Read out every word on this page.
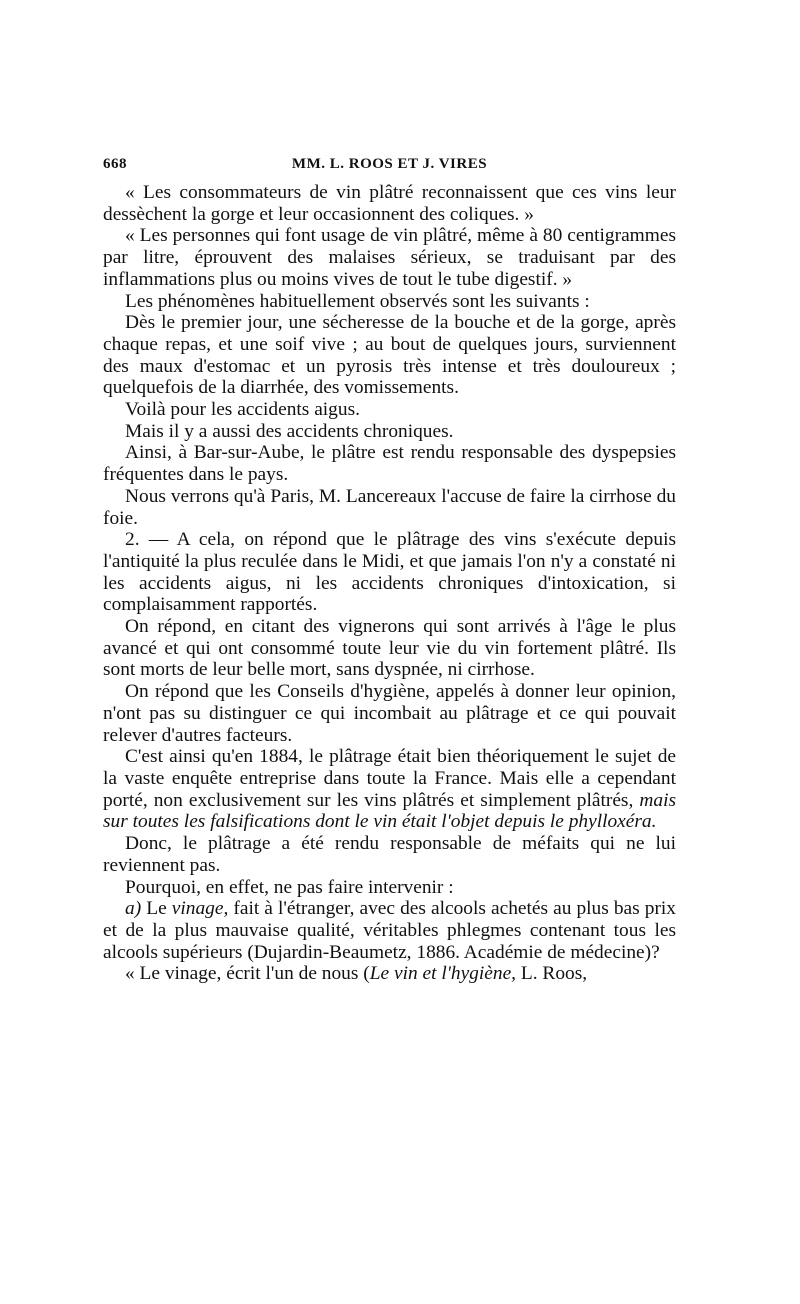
668	MM. L. ROOS ET J. VIRES

« Les consommateurs de vin plâtré reconnaissent que ces vins leur dessèchent la gorge et leur occasionnent des coliques. »

« Les personnes qui font usage de vin plâtré, même à 80 centigrammes par litre, éprouvent des malaises sérieux, se traduisant par des inflammations plus ou moins vives de tout le tube digestif. »

Les phénomènes habituellement observés sont les suivants :

Dès le premier jour, une sécheresse de la bouche et de la gorge, après chaque repas, et une soif vive ; au bout de quelques jours, surviennent des maux d'estomac et un pyrosis très intense et très douloureux ; quelquefois de la diarrhée, des vomissements.

Voilà pour les accidents aigus.

Mais il y a aussi des accidents chroniques.

Ainsi, à Bar-sur-Aube, le plâtre est rendu responsable des dyspepsies fréquentes dans le pays.

Nous verrons qu'à Paris, M. Lancereaux l'accuse de faire la cirrhose du foie.

2. — A cela, on répond que le plâtrage des vins s'exécute depuis l'antiquité la plus reculée dans le Midi, et que jamais l'on n'y a constaté ni les accidents aigus, ni les accidents chroniques d'intoxication, si complaisamment rapportés.

On répond, en citant des vignerons qui sont arrivés à l'âge le plus avancé et qui ont consommé toute leur vie du vin fortement plâtré. Ils sont morts de leur belle mort, sans dyspnée, ni cirrhose.

On répond que les Conseils d'hygiène, appelés à donner leur opinion, n'ont pas su distinguer ce qui incombait au plâtrage et ce qui pouvait relever d'autres facteurs.

C'est ainsi qu'en 1884, le plâtrage était bien théoriquement le sujet de la vaste enquête entreprise dans toute la France. Mais elle a cependant porté, non exclusivement sur les vins plâtrés et simplement plâtrés, mais sur toutes les falsifications dont le vin était l'objet depuis le phylloxéra.

Donc, le plâtrage a été rendu responsable de méfaits qui ne lui reviennent pas.

Pourquoi, en effet, ne pas faire intervenir :

a) Le vinage, fait à l'étranger, avec des alcools achetés au plus bas prix et de la plus mauvaise qualité, véritables phlegmes contenant tous les alcools supérieurs (Dujardin-Beaumetz, 1886. Académie de médecine)?

« Le vinage, écrit l'un de nous (Le vin et l'hygiène, L. Roos,
